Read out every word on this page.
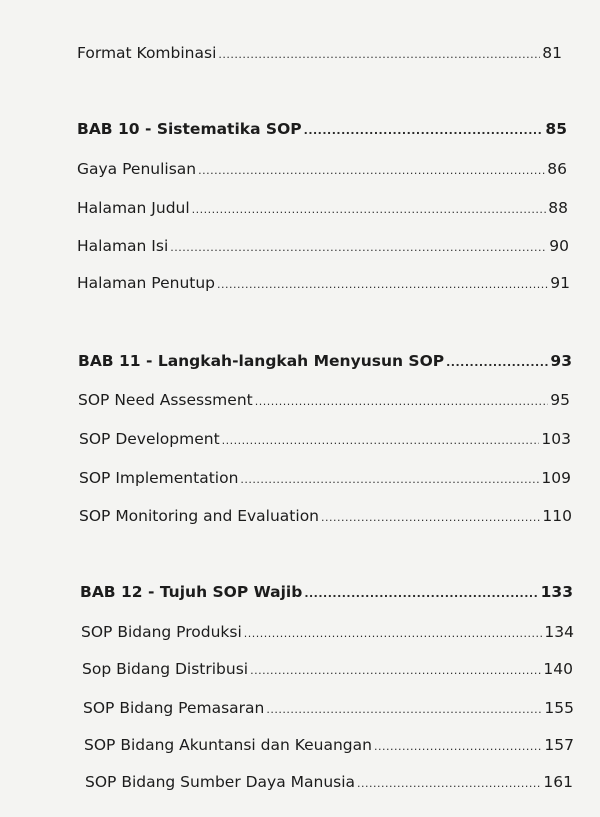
Format Kombinasi .....	81
BAB 10 - Sistematika SOP .....	85
Gaya Penulisan .....	86
Halaman Judul .....	88
Halaman Isi .....	90
Halaman Penutup .....	91
BAB 11 - Langkah-langkah Menyusun SOP .....	93
SOP Need Assessment .....	95
SOP Development .....	103
SOP Implementation .....	109
SOP Monitoring and Evaluation .....	110
BAB 12 - Tujuh SOP Wajib .....	133
SOP Bidang Produksi .....	134
Sop Bidang Distribusi .....	140
SOP Bidang Pemasaran .....	155
SOP Bidang Akuntansi dan Keuangan .....	157
SOP Bidang Sumber Daya Manusia .....	161
